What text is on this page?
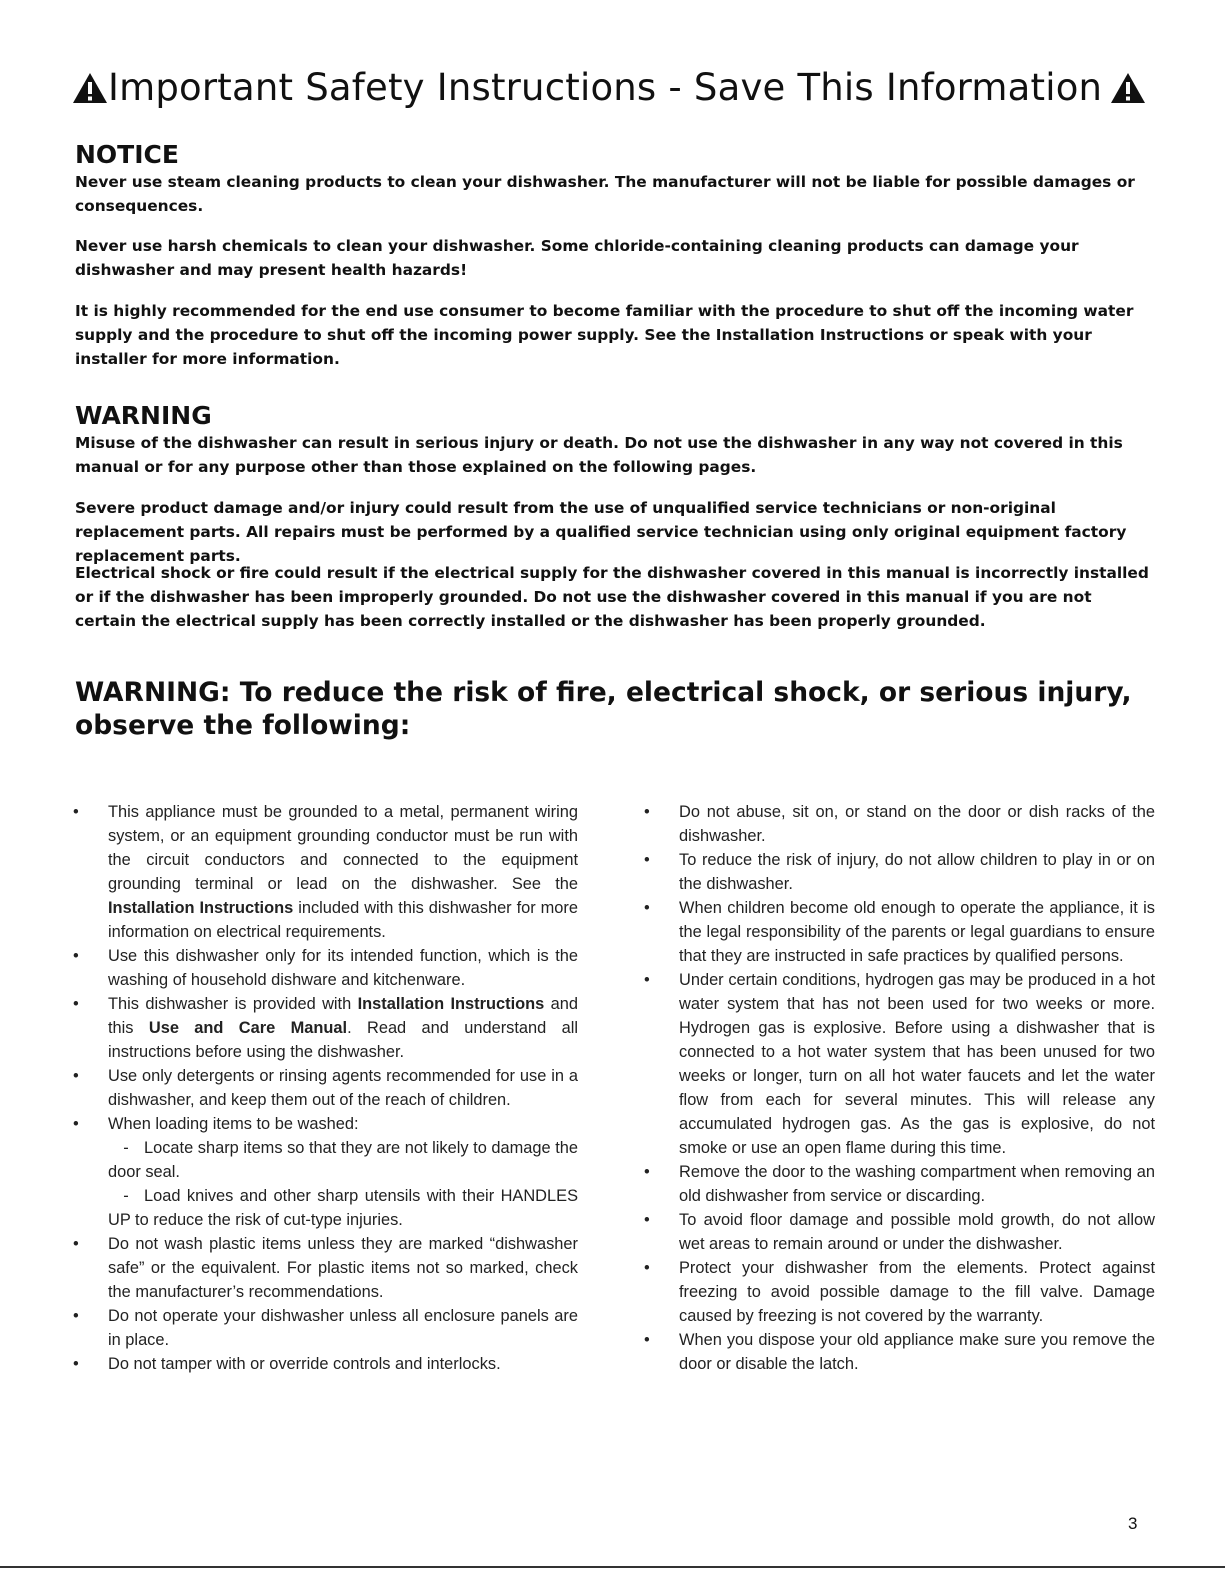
Important Safety Instructions - Save This Information
NOTICE

Never use steam cleaning products to clean your dishwasher. The manufacturer will not be liable for possible damages or consequences.

Never use harsh chemicals to clean your dishwasher. Some chloride-containing cleaning products can damage your dishwasher and may present health hazards!

It is highly recommended for the end use consumer to become familiar with the procedure to shut off the incoming water supply and the procedure to shut off the incoming power supply. See the Installation Instructions or speak with your installer for more information.

WARNING

Misuse of the dishwasher can result in serious injury or death. Do not use the dishwasher in any way not covered in this manual or for any purpose other than those explained on the following pages.

Severe product damage and/or injury could result from the use of unqualified service technicians or non-original replacement parts. All repairs must be performed by a qualified service technician using only original equipment factory replacement parts.

Electrical shock or fire could result if the electrical supply for the dishwasher covered in this manual is incorrectly installed or if the dishwasher has been improperly grounded. Do not use the dishwasher covered in this manual if you are not certain the electrical supply has been correctly installed or the dishwasher has been properly grounded.

WARNING: To reduce the risk of fire, electrical shock, or serious injury, observe the following:
• This appliance must be grounded to a metal, permanent wiring system, or an equipment grounding conductor must be run with the circuit conductors and connected to the equipment grounding terminal or lead on the dishwasher. See the Installation Instructions included with this dishwasher for more information on electrical requirements.
• Use this dishwasher only for its intended function, which is the washing of household dishware and kitchenware.
• This dishwasher is provided with Installation Instructions and this Use and Care Manual. Read and understand all instructions before using the dishwasher.
• Use only detergents or rinsing agents recommended for use in a dishwasher, and keep them out of the reach of children.
• When loading items to be washed:
- Locate sharp items so that they are not likely to damage the door seal.
- Load knives and other sharp utensils with their HANDLES UP to reduce the risk of cut-type injuries.
• Do not wash plastic items unless they are marked “dishwasher safe” or the equivalent. For plastic items not so marked, check the manufacturer’s recommendations.
• Do not operate your dishwasher unless all enclosure panels are in place.
• Do not tamper with or override controls and interlocks.
• Do not abuse, sit on, or stand on the door or dish racks of the dishwasher.
• To reduce the risk of injury, do not allow children to play in or on the dishwasher.
• When children become old enough to operate the appliance, it is the legal responsibility of the parents or legal guardians to ensure that they are instructed in safe practices by qualified persons.
• Under certain conditions, hydrogen gas may be produced in a hot water system that has not been used for two weeks or more. Hydrogen gas is explosive. Before using a dishwasher that is connected to a hot water system that has been unused for two weeks or longer, turn on all hot water faucets and let the water flow from each for several minutes. This will release any accumulated hydrogen gas. As the gas is explosive, do not smoke or use an open flame during this time.
• Remove the door to the washing compartment when removing an old dishwasher from service or discarding.
• To avoid floor damage and possible mold growth, do not allow wet areas to remain around or under the dishwasher.
• Protect your dishwasher from the elements. Protect against freezing to avoid possible damage to the fill valve. Damage caused by freezing is not covered by the warranty.
• When you dispose your old appliance make sure you remove the door or disable the latch.
3
